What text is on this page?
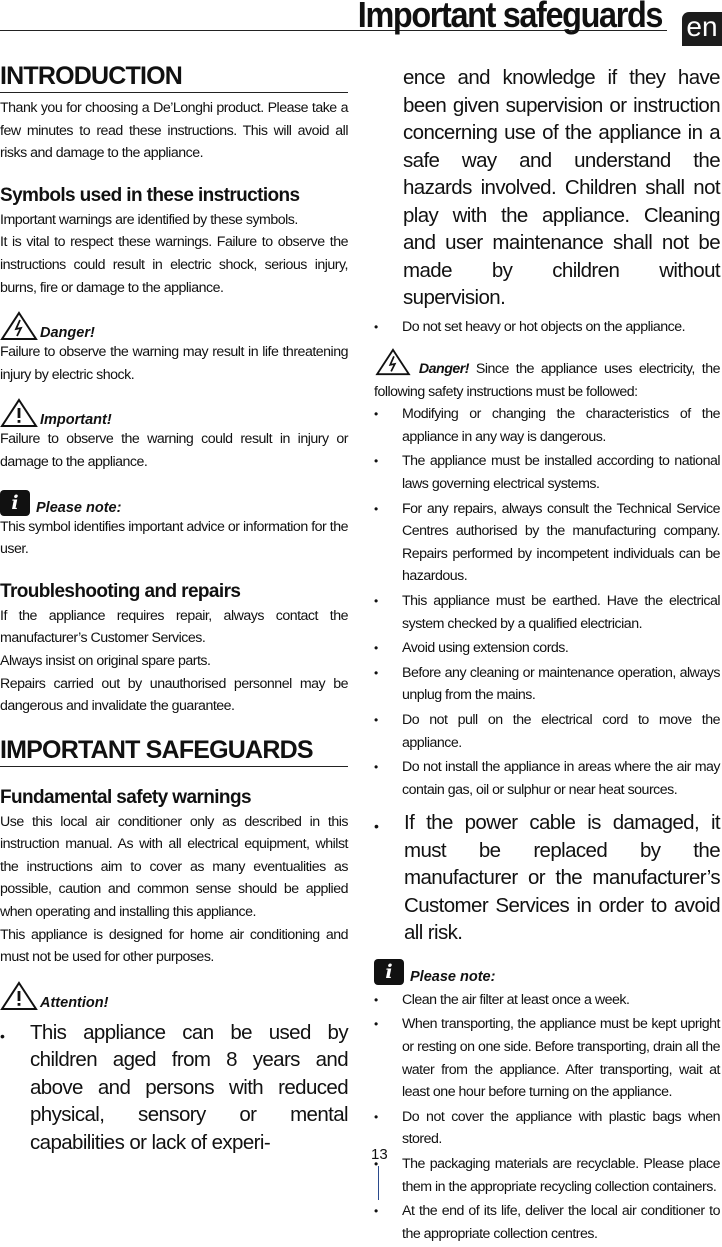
Important safeguards en
INTRODUCTION

Thank you for choosing a De’Longhi product. Please take a few minutes to read these instructions. This will avoid all risks and damage to the appliance.

Symbols used in these instructions

Important warnings are identified by these symbols.

It is vital to respect these warnings. Failure to observe the instructions could result in electric shock, serious injury, burns, fire or damage to the appliance.

Danger!

Failure to observe the warning may result in life threatening injury by electric shock.

Important!

Failure to observe the warning could result in injury or damage to the appliance.

i	Please note:

This symbol identifies important advice or information for the user.

Troubleshooting and repairs

If the appliance requires repair, always contact the manufacturer’s Customer Services.

Always insist on original spare parts.

Repairs carried out by unauthorised personnel may be dangerous and invalidate the guarantee.

IMPORTANT SAFEGUARDS
Fundamental safety warnings

Use this local air conditioner only as described in this instruction manual. As with all electrical equipment, whilst the instructions aim to cover as many eventualities as possible, caution and common sense should be applied when operating and installing this appliance.

This appliance is designed for home air conditioning and must not be used for other purposes.

Attention!
• This appliance can be used by children aged from 8 years and above and persons with reduced physical, sensory or mental capabilities or lack of experi-

ence and knowledge if they have been given supervision or instruction concerning use of the appliance in a safe way and understand the hazards involved. Children shall not play with the appliance. Cleaning and user maintenance shall not be made by children without supervision.

• Do not set heavy or hot objects on the appliance.

Danger! Since the appliance uses electricity, the following safety instructions must be followed:

• Modifying or changing the characteristics of the appliance in any way is dangerous.
• The appliance must be installed according to national laws governing electrical systems.
• For any repairs, always consult the Technical Service Centres authorised by the manufacturing company. Repairs performed by incompetent individuals can be hazardous.
• This appliance must be earthed. Have the electrical system checked by a qualified electrician.
• Avoid using extension cords.
• Before any cleaning or maintenance operation, always unplug from the mains.
• Do not pull on the electrical cord to move the appliance.
• Do not install the appliance in areas where the air may contain gas, oil or sulphur or near heat sources.
• If the power cable is damaged, it must be replaced by the manufacturer or the manufacturer’s Customer Services in order to avoid all risk.
i	Please note:
• Clean the air filter at least once a week.
• When transporting, the appliance must be kept upright or resting on one side. Before transporting, drain all the water from the appliance. After transporting, wait at least one hour before turning on the appliance.
• Do not cover the appliance with plastic bags when stored.
• The packaging materials are recyclable. Please place them in the appropriate recycling collection containers.
• At the end of its life, deliver the local air conditioner to the appropriate collection centres.
13
